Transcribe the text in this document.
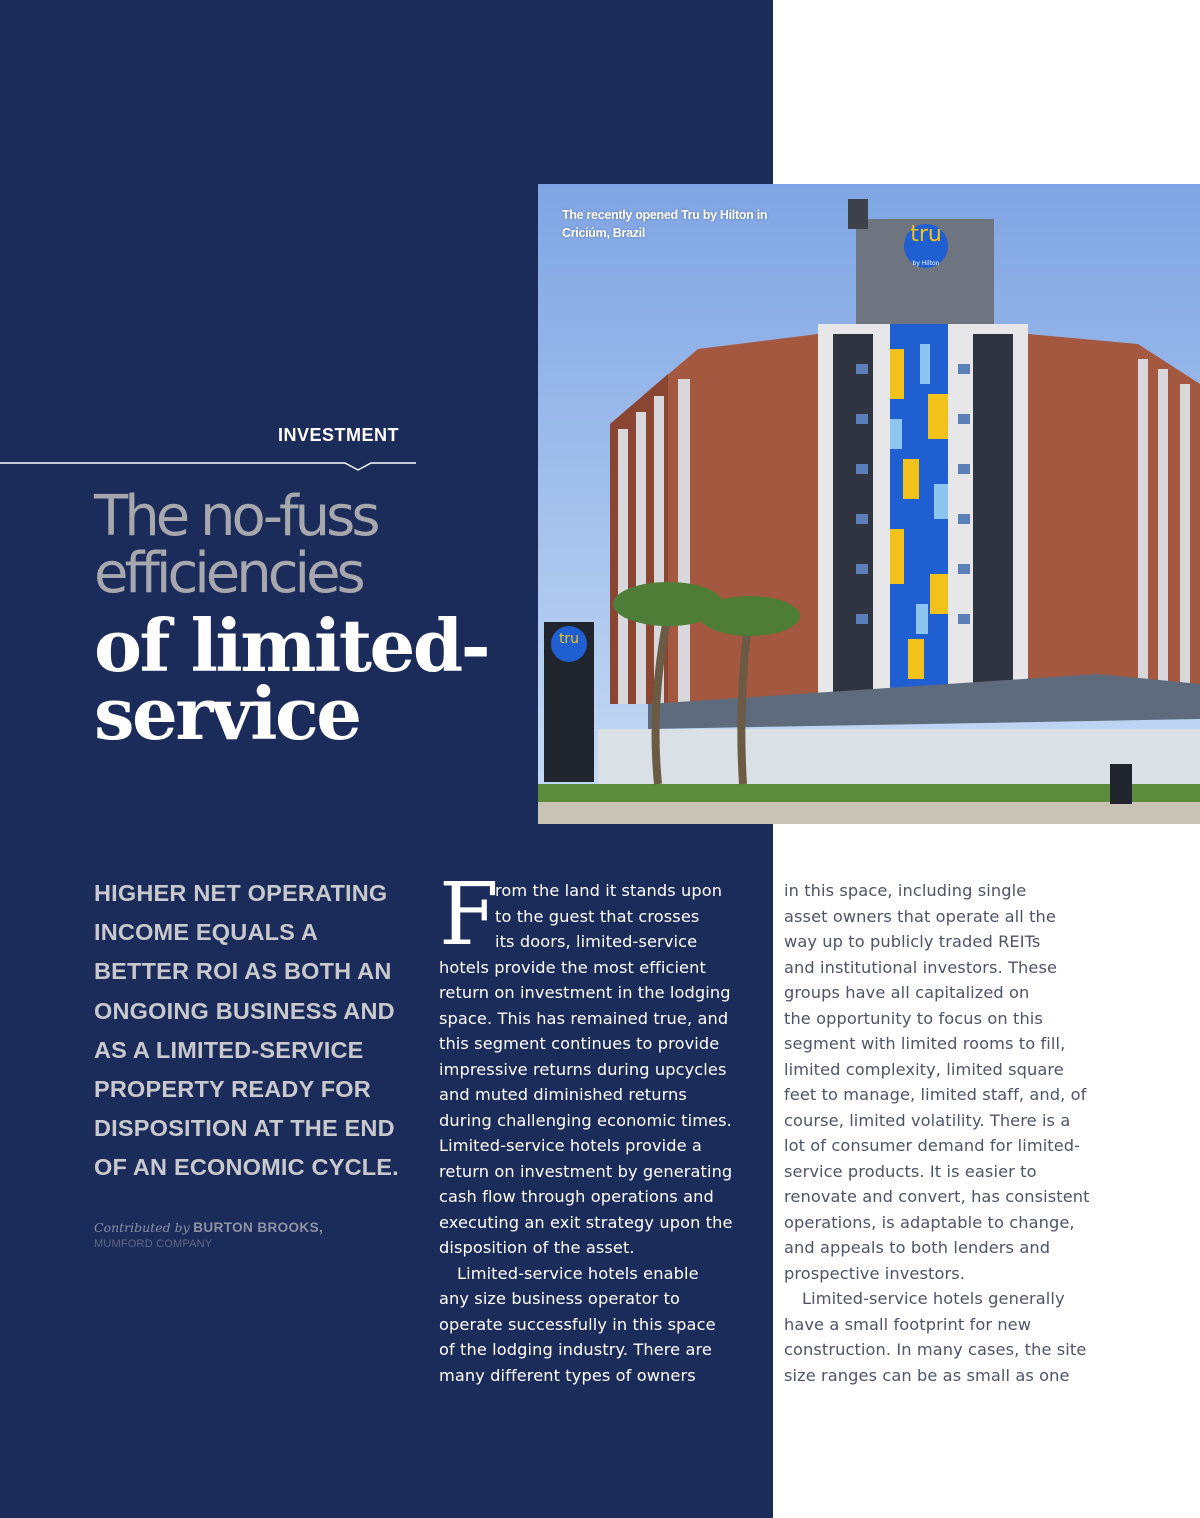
The recently opened Tru by Hilton in Criciúm, Brazil	tru
by Hilton
tru
INVESTMENT
The no-fuss
efficiencies
of limited-
service
HIGHER NET OPERATING
INCOME EQUALS A
BETTER ROI AS BOTH AN
ONGOING BUSINESS AND
AS A LIMITED-SERVICE
PROPERTY READY FOR
DISPOSITION AT THE END
OF AN ECONOMIC CYCLE.
Contributed by BURTON BROOKS,
MUMFORD COMPANY
F
rom the land it stands upon
to the guest that crosses
its doors, limited-service
hotels provide the most efficient
return on investment in the lodging
space. This has remained true, and
this segment continues to provide
impressive returns during upcycles
and muted diminished returns
during challenging economic times.
Limited-service hotels provide a
return on investment by generating
cash flow through operations and
executing an exit strategy upon the
disposition of the asset.
Limited-service hotels enable
any size business operator to
operate successfully in this space
of the lodging industry. There are
many different types of owners
in this space, including single
asset owners that operate all the
way up to publicly traded REITs
and institutional investors. These
groups have all capitalized on
the opportunity to focus on this
segment with limited rooms to fill,
limited complexity, limited square
feet to manage, limited staff, and, of
course, limited volatility. There is a
lot of consumer demand for limited-
service products. It is easier to
renovate and convert, has consistent
operations, is adaptable to change,
and appeals to both lenders and
prospective investors.
Limited-service hotels generally
have a small footprint for new
construction. In many cases, the site
size ranges can be as small as one
